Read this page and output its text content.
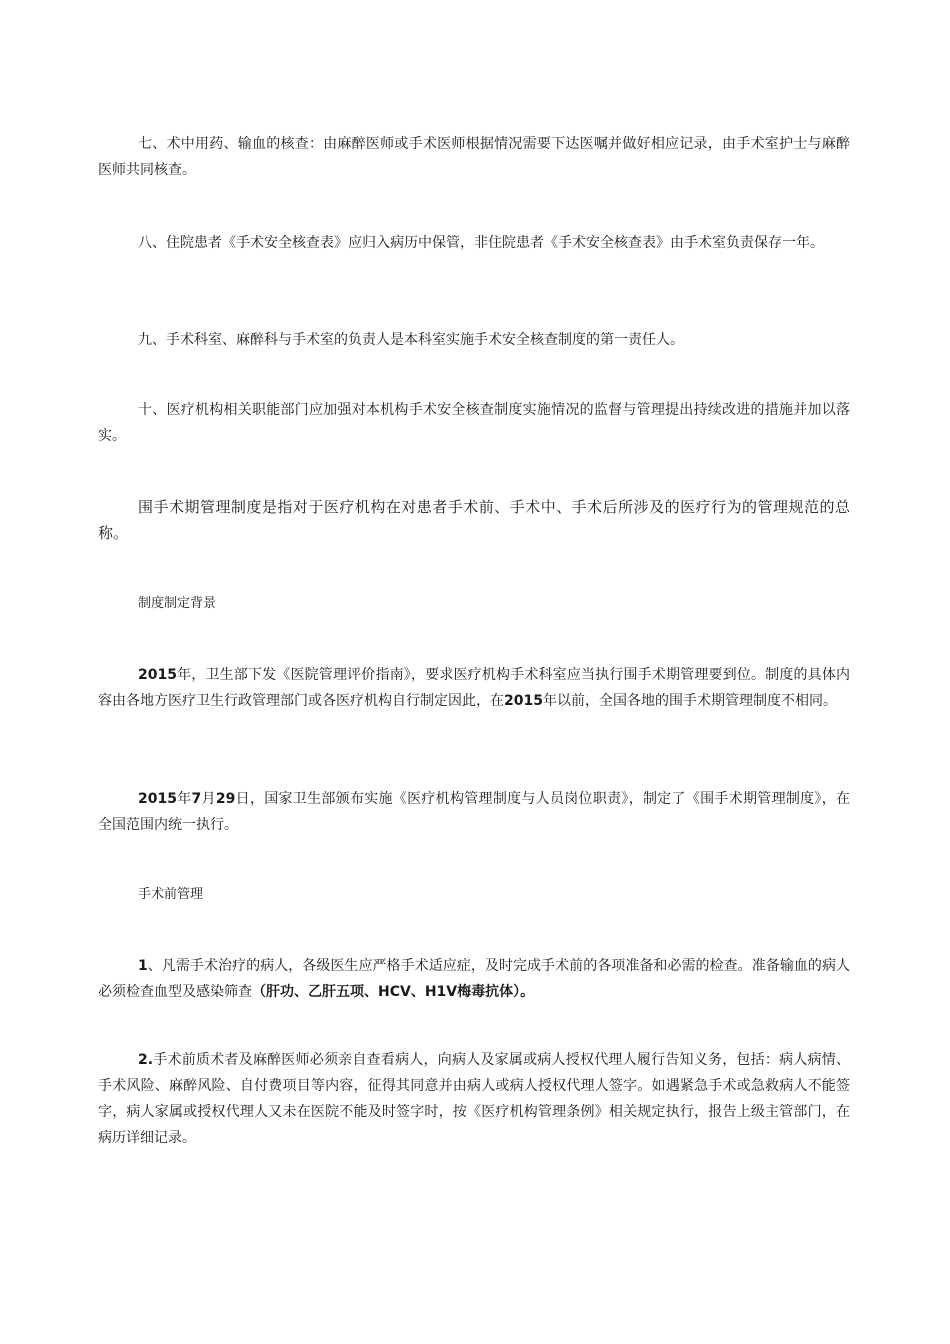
七、术中用药、输血的核查：由麻醉医师或手术医师根据情况需要下达医嘱并做好相应记录，由手术室护士与麻醉医师共同核查。

八、住院患者《手术安全核查表》应归入病历中保管，非住院患者《手术安全核查表》由手术室负责保存一年。

九、手术科室、麻醉科与手术室的负责人是本科室实施手术安全核查制度的第一责任人。

十、医疗机构相关职能部门应加强对本机构手术安全核查制度实施情况的监督与管理提出持续改进的措施并加以落实。

围手术期管理制度是指对于医疗机构在对患者手术前、手术中、手术后所涉及的医疗行为的管理规范的总称。

制度制定背景

2015年，卫生部下发《医院管理评价指南》，要求医疗机构手术科室应当执行围手术期管理要到位。制度的具体内容由各地方医疗卫生行政管理部门或各医疗机构自行制定因此，在2015年以前，全国各地的围手术期管理制度不相同。

2015年7月29日，国家卫生部颁布实施《医疗机构管理制度与人员岗位职责》，制定了《围手术期管理制度》，在全国范围内统一执行。

手术前管理

1、凡需手术治疗的病人，各级医生应严格手术适应症，及时完成手术前的各项准备和必需的检查。准备输血的病人必须检查血型及感染筛查（肝功、乙肝五项、HCV、H1V梅毒抗体）。

2.手术前质术者及麻醉医师必须亲自查看病人，向病人及家属或病人授权代理人履行告知义务，包括：病人病情、手术风险、麻醉风险、自付费项目等内容，征得其同意并由病人或病人授权代理人签字。如遇紧急手术或急救病人不能签字，病人家属或授权代理人又未在医院不能及时签字时，按《医疗机构管理条例》相关规定执行，报告上级主管部门，在病历详细记录。
